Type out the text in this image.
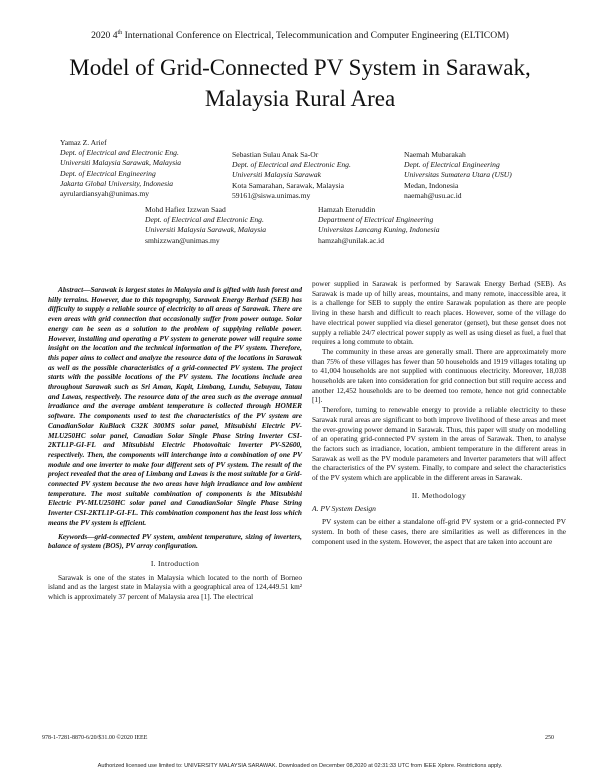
2020 4th International Conference on Electrical, Telecommunication and Computer Engineering (ELTICOM)
Model of Grid-Connected PV System in Sarawak,
Malaysia Rural Area
Yamaz Z. Arief
Dept. of Electrical and Electronic Eng.
Universiti Malaysia Sarawak, Malaysia
Dept. of Electrical Engineering
Jakarta Global University, Indonesia
ayrulardiansyah@unimas.my
Sebastian Sulau Anak Sa-Or
Dept. of Electrical and Electronic Eng.
Universiti Malaysia Sarawak
Kota Samarahan, Sarawak, Malaysia
59161@siswa.unimas.my
Naemah Mubarakah
Dept. of Electrical Engineering
Universitas Sumatera Utara (USU)
Medan, Indonesia
naemah@usu.ac.id
Mohd Hafiez Izzwan Saad
Dept. of Electrical and Electronic Eng.
Universiti Malaysia Sarawak, Malaysia
smhizzwan@unimas.my
Hamzah Eteruddin
Department of Electrical Engineering
Universitas Lancang Kuning, Indonesia
hamzah@unilak.ac.id

Abstract—Sarawak is largest states in Malaysia and is gifted with lush forest and hilly terrains. However, due to this topography, Sarawak Energy Berhad (SEB) has difficulty to supply a reliable source of electricity to all areas of Sarawak. There are even areas with grid connection that occasionally suffer from power outage. Solar energy can be seen as a solution to the problem of supplying reliable power. However, installing and operating a PV system to generate power will require some insight on the location and the technical information of the PV system. Therefore, this paper aims to collect and analyze the resource data of the locations in Sarawak as well as the possible characteristics of a grid-connected PV system. The project starts with the possible locations of the PV system. The locations include area throughout Sarawak such as Sri Aman, Kapit, Limbang, Lundu, Sebuyau, Tatau and Lawas, respectively. The resource data of the area such as the average annual irradiance and the average ambient temperature is collected through HOMER software. The components used to test the characteristics of the PV system are CanadianSolar KuBlack C32K 300MS solar panel, Mitsubishi Electric PV-MLU250HC solar panel, Canadian Solar Single Phase String Inverter CSI-2KTL1P-GI-FL and Mitsubishi Electric Photovoltaic Inverter PV-S2600, respectively. Then, the components will interchange into a combination of one PV module and one inverter to make four different sets of PV system. The result of the project revealed that the area of Limbang and Lawas is the most suitable for a Grid-connected PV system because the two areas have high irradiance and low ambient temperature. The most suitable combination of components is the Mitsubishi Electric PV-MLU250HC solar panel and CanadianSolar Single Phase String Inverter CSI-2KTL1P-GI-FL. This combination component has the least loss which means the PV system is efficient.

Keywords—grid-connected PV system, ambient temperature, sizing of inverters, balance of system (BOS), PV array configuration.

I. Introduction

Sarawak is one of the states in Malaysia which located to the north of Borneo island and as the largest state in Malaysia with a geographical area of 124,449.51 km² which is approximately 37 percent of Malaysia area [1]. The electrical

power supplied in Sarawak is performed by Sarawak Energy Berhad (SEB). As Sarawak is made up of hilly areas, mountains, and many remote, inaccessible area, it is a challenge for SEB to supply the entire Sarawak population as there are people living in these harsh and difficult to reach places. However, some of the village do have electrical power supplied via diesel generator (genset), but these genset does not supply a reliable 24/7 electrical power supply as well as using diesel as fuel, a fuel that requires a long commute to obtain.

The community in these areas are generally small. There are approximately more than 75% of these villages has fewer than 50 households and 1919 villages totaling up to 41,004 households are not supplied with continuous electricity. Moreover, 18,038 households are taken into consideration for grid connection but still require access and another 12,452 households are to be deemed too remote, hence not grid connectable [1].

Therefore, turning to renewable energy to provide a reliable electricity to these Sarawak rural areas are significant to both improve livelihood of these areas and meet the ever-growing power demand in Sarawak. Thus, this paper will study on modelling of an operating grid-connected PV system in the areas of Sarawak. Then, to analyse the factors such as irradiance, location, ambient temperature in the different areas in Sarawak as well as the PV module parameters and Inverter parameters that will affect the characteristics of the PV system. Finally, to compare and select the characteristics of the PV system which are applicable in the different areas in Sarawak.

II. Methodology
A. PV System Design

PV system can be either a standalone off-grid PV system or a grid-connected PV system. In both of these cases, there are similarities as well as differences in the component used in the system. However, the aspect that are taken into account are

978-1-7281-8870-6/20/$31.00 ©2020 IEEE	250
Authorized licensed use limited to: UNIVERSITY MALAYSIA SARAWAK. Downloaded on December 08,2020 at 02:31:33 UTC from IEEE Xplore. Restrictions apply.
